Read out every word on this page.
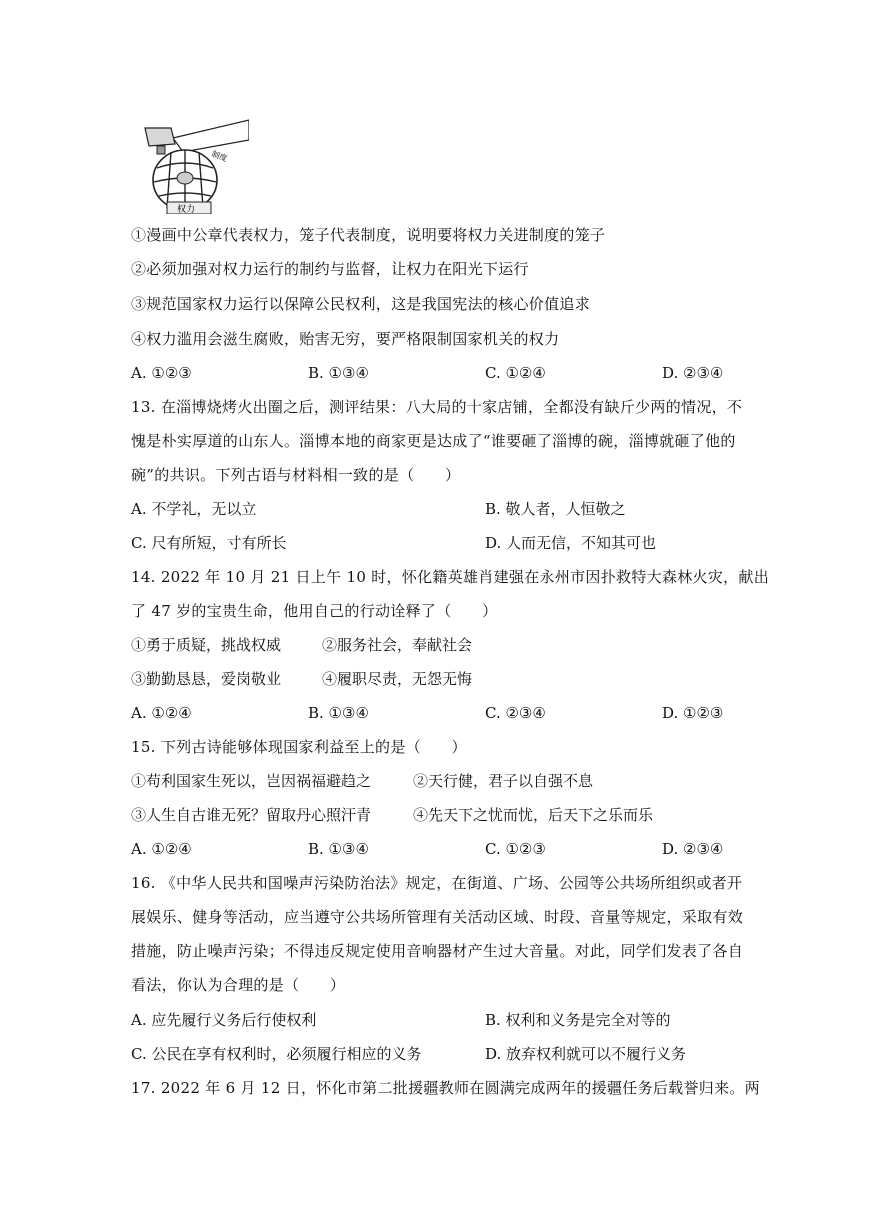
权力
制度
①漫画中公章代表权力，笼子代表制度，说明要将权力关进制度的笼子
②必须加强对权力运行的制约与监督，让权力在阳光下运行
③规范国家权力运行以保障公民权利，这是我国宪法的核心价值追求
④权力滥用会滋生腐败，贻害无穷，要严格限制国家机关的权力
A. ①②③	B. ①③④	C. ①②④	D. ②③④
13. 在淄博烧烤火出圈之后，测评结果：八大局的十家店铺，全都没有缺斤少两的情况，不
愧是朴实厚道的山东人。淄博本地的商家更是达成了“谁要砸了淄博的碗，淄博就砸了他的
碗”的共识。下列古语与材料相一致的是（　　）
A. 不学礼，无以立	B. 敬人者，人恒敬之
C. 尺有所短，寸有所长	D. 人而无信，不知其可也
14. 2022 年 10 月 21 日上午 10 时，怀化籍英雄肖建强在永州市因扑救特大森林火灾，献出
了 47 岁的宝贵生命，他用自己的行动诠释了（　　）
①勇于质疑，挑战权威	②服务社会，奉献社会
③勤勤恳恳，爱岗敬业	④履职尽责，无怨无悔
A. ①②④	B. ①③④	C. ②③④	D. ①②③
15. 下列古诗能够体现国家利益至上的是（　　）
①苟利国家生死以，岂因祸福避趋之	②天行健，君子以自强不息
③人生自古谁无死？留取丹心照汗青	④先天下之忧而忧，后天下之乐而乐
A. ①②④	B. ①③④	C. ①②③	D. ②③④
16. 《中华人民共和国噪声污染防治法》规定，在街道、广场、公园等公共场所组织或者开
展娱乐、健身等活动，应当遵守公共场所管理有关活动区域、时段、音量等规定，采取有效
措施，防止噪声污染；不得违反规定使用音响器材产生过大音量。对此，同学们发表了各自
看法，你认为合理的是（　　）
A. 应先履行义务后行使权利	B. 权利和义务是完全对等的
C. 公民在享有权利时，必须履行相应的义务	D. 放弃权利就可以不履行义务
17. 2022 年 6 月 12 日，怀化市第二批援疆教师在圆满完成两年的援疆任务后载誉归来。两
